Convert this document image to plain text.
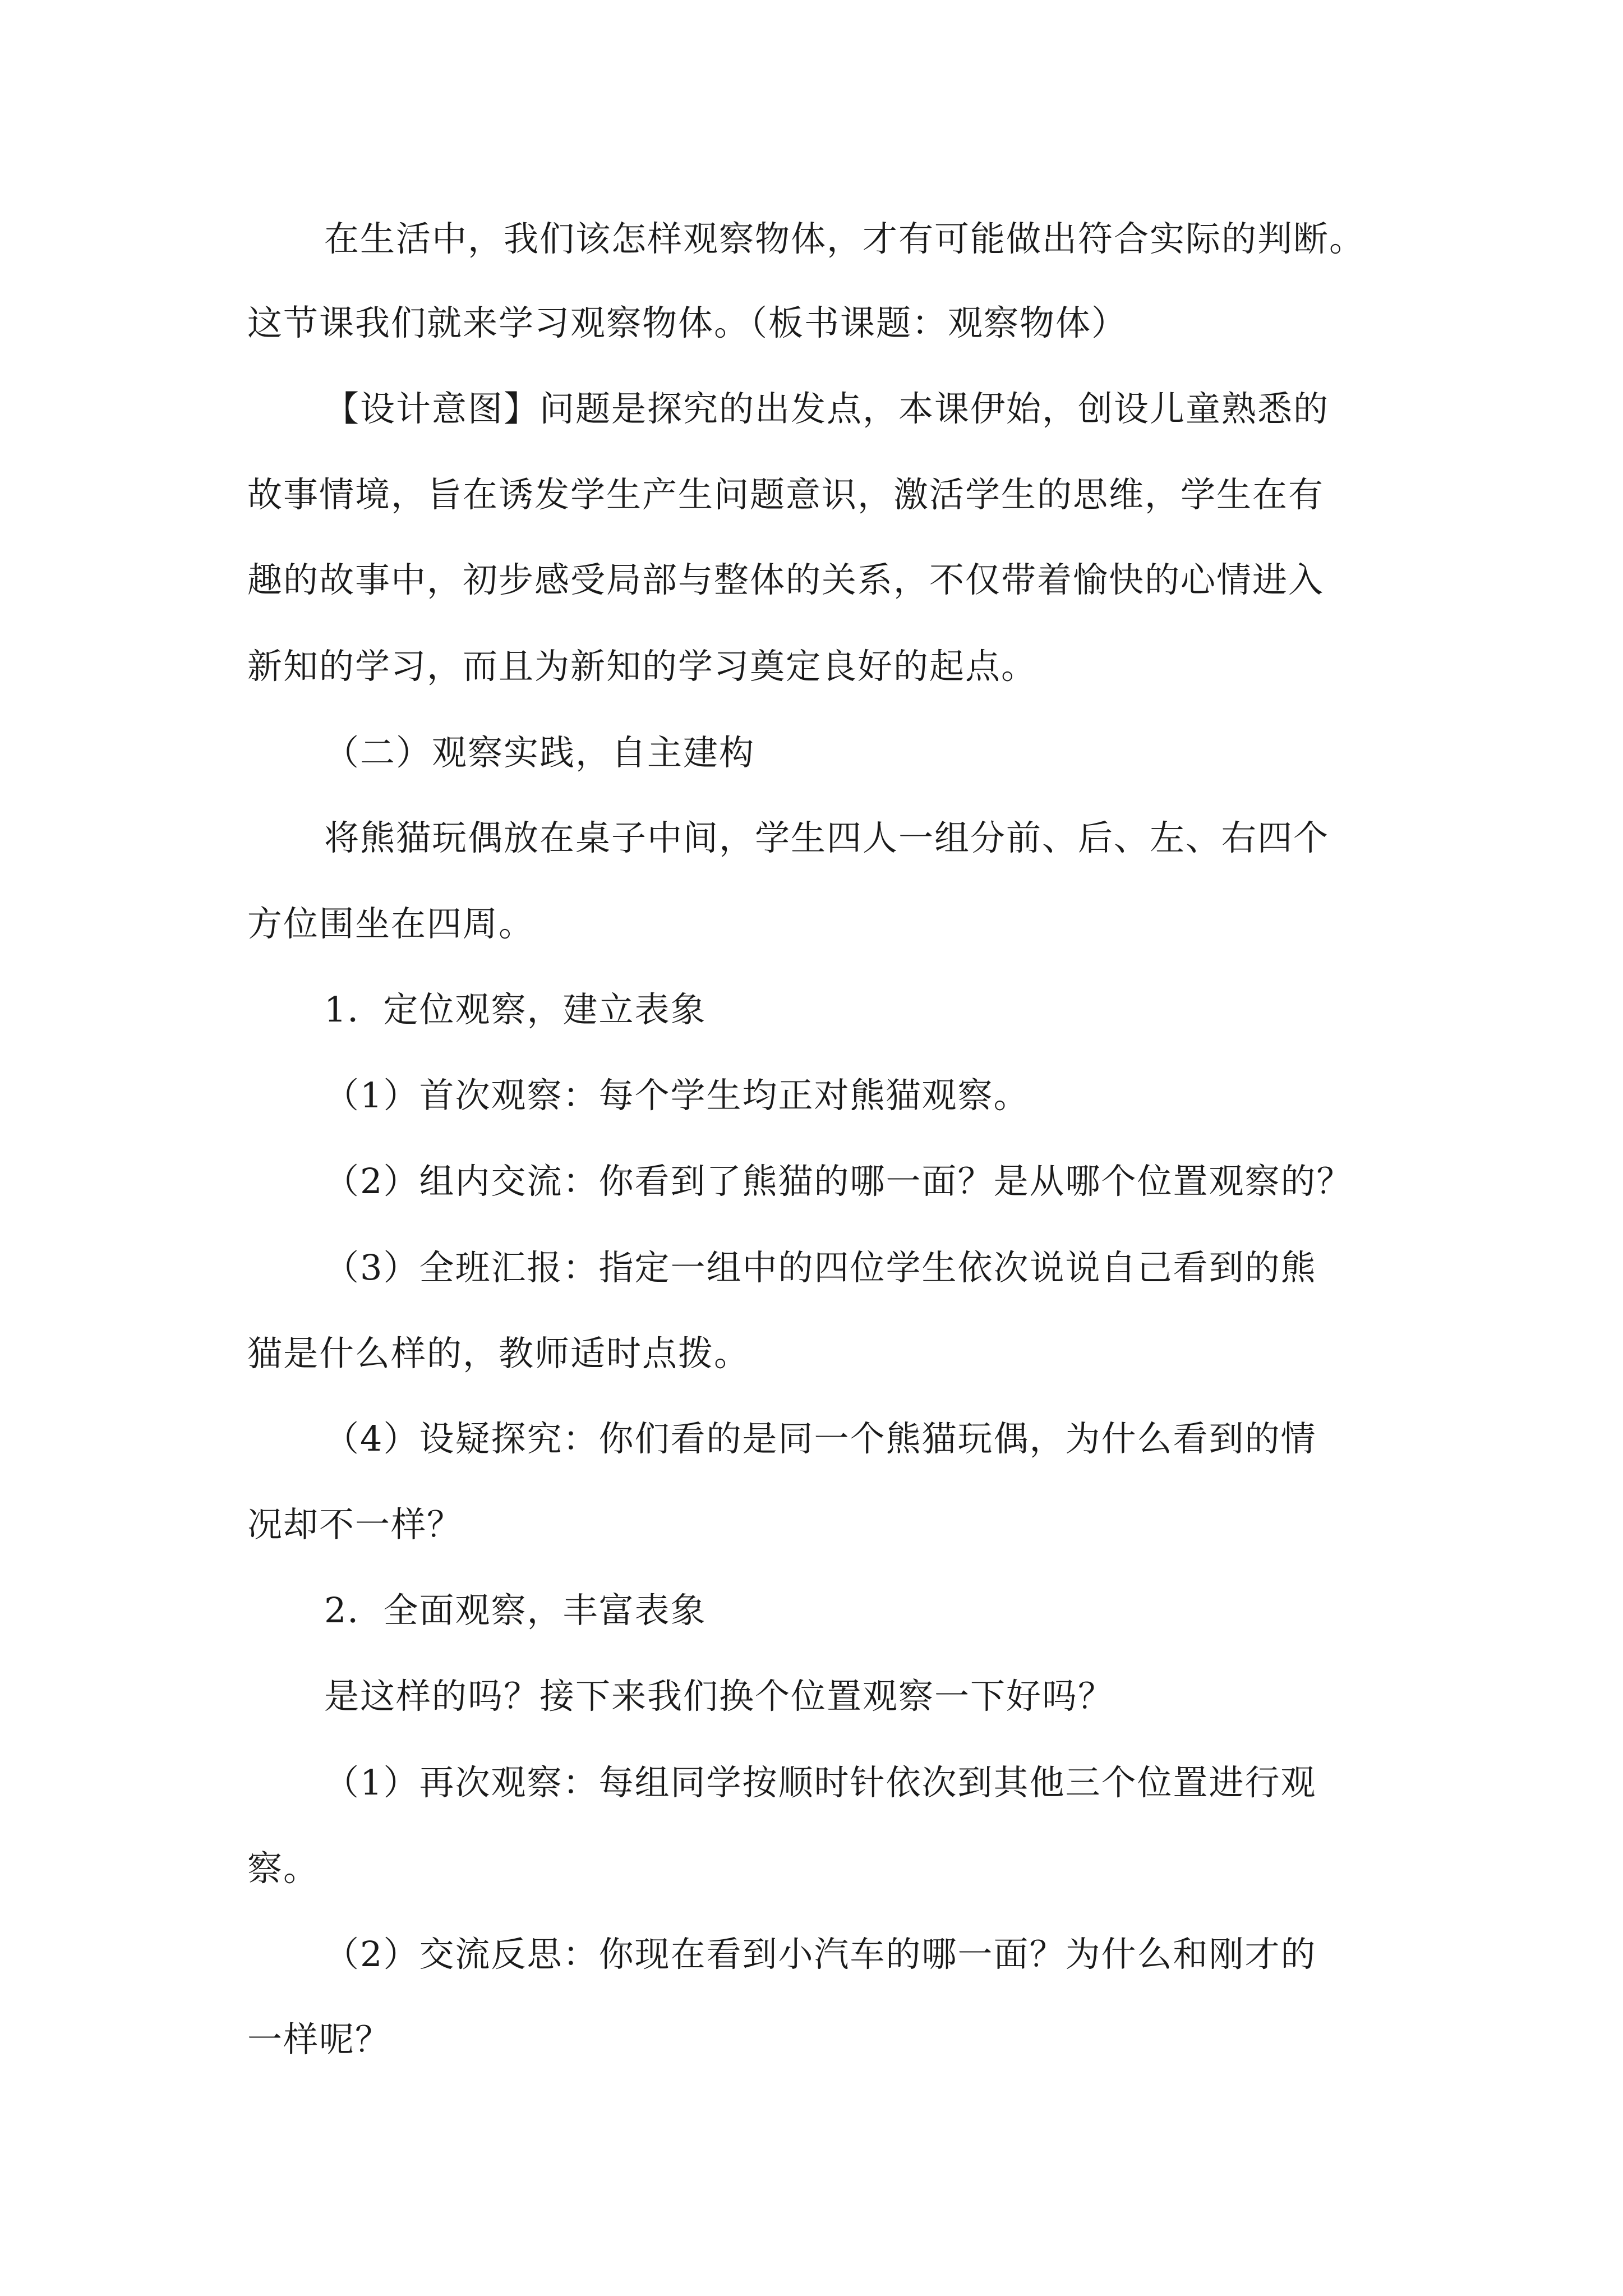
在生活中，我们该怎样观察物体，才有可能做出符合实际的判断。
这节课我们就来学习观察物体。（板书课题：观察物体）
【设计意图】问题是探究的出发点，本课伊始，创设儿童熟悉的
故事情境，旨在诱发学生产生问题意识，激活学生的思维，学生在有
趣的故事中，初步感受局部与整体的关系，不仅带着愉快的心情进入
新知的学习，而且为新知的学习奠定良好的起点。
（二）观察实践，自主建构
将熊猫玩偶放在桌子中间，学生四人一组分前、后、左、右四个
方位围坐在四周。
1．定位观察，建立表象
（1）首次观察：每个学生均正对熊猫观察。
（2）组内交流：你看到了熊猫的哪一面？是从哪个位置观察的？
（3）全班汇报：指定一组中的四位学生依次说说自己看到的熊
猫是什么样的，教师适时点拨。
（4）设疑探究：你们看的是同一个熊猫玩偶，为什么看到的情
况却不一样？
2．全面观察，丰富表象
是这样的吗？接下来我们换个位置观察一下好吗？
（1）再次观察：每组同学按顺时针依次到其他三个位置进行观
察。
（2）交流反思：你现在看到小汽车的哪一面？为什么和刚才的
一样呢？
